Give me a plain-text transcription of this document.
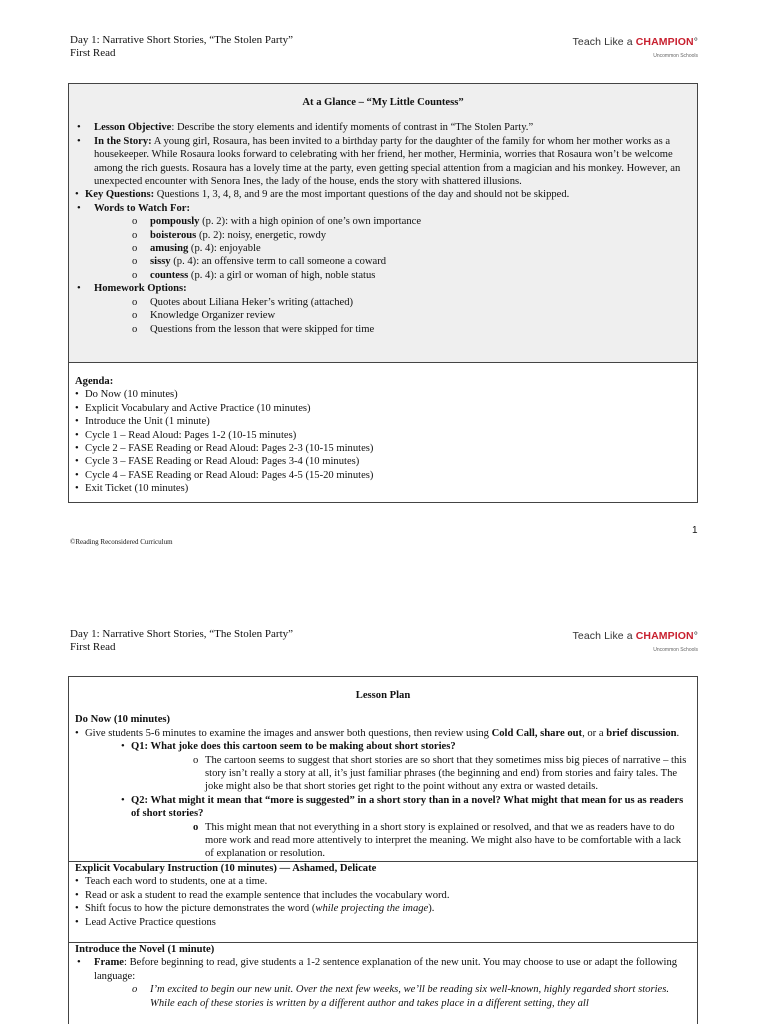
Day 1: Narrative Short Stories, “The Stolen Party”
First Read
Teach Like a CHAMPION°
Uncommon Schools
At a Glance – “My Little Countess”
• Lesson Objective: Describe the story elements and identify moments of contrast in “The Stolen Party.”
• In the Story: A young girl, Rosaura, has been invited to a birthday party for the daughter of the family for whom her mother works as a housekeeper. While Rosaura looks forward to celebrating with her friend, her mother, Herminia, worries that Rosaura won’t be welcome among the rich guests. Rosaura has a lovely time at the party, even getting special attention from a magician and his monkey. However, an unexpected encounter with Senora Ines, the lady of the house, ends the story with shattered illusions.
• Key Questions: Questions 1, 3, 4, 8, and 9 are the most important questions of the day and should not be skipped.
• Words to Watch For:
o pompously (p. 2): with a high opinion of one’s own importance
o boisterous (p. 2): noisy, energetic, rowdy
o amusing (p. 4): enjoyable
o sissy (p. 4): an offensive term to call someone a coward
o countess (p. 4): a girl or woman of high, noble status
• Homework Options:
o Quotes about Liliana Heker’s writing (attached)
o Knowledge Organizer review
o Questions from the lesson that were skipped for time
Agenda:
• Do Now (10 minutes)
• Explicit Vocabulary and Active Practice (10 minutes)
• Introduce the Unit (1 minute)
• Cycle 1 – Read Aloud: Pages 1-2 (10-15 minutes)
• Cycle 2 – FASE Reading or Read Aloud: Pages 2-3 (10-15 minutes)
• Cycle 3 – FASE Reading or Read Aloud: Pages 3-4 (10 minutes)
• Cycle 4 – FASE Reading or Read Aloud: Pages 4-5 (15-20 minutes)
• Exit Ticket (10 minutes)
1
©Reading Reconsidered Curriculum
Day 1: Narrative Short Stories, “The Stolen Party”
First Read
Teach Like a CHAMPION°
Uncommon Schools
Lesson Plan
Do Now (10 minutes)
• Give students 5-6 minutes to examine the images and answer both questions, then review using Cold Call, share out, or a brief discussion.
• Q1: What joke does this cartoon seem to be making about short stories?
o The cartoon seems to suggest that short stories are so short that they sometimes miss big pieces of narrative – this story isn’t really a story at all, it’s just familiar phrases (the beginning and end) from stories and fairy tales. The joke might also be that short stories get right to the point without any extra or wasted details.
• Q2: What might it mean that “more is suggested” in a short story than in a novel? What might that mean for us as readers of short stories?
o This might mean that not everything in a short story is explained or resolved, and that we as readers have to do more work and read more attentively to interpret the meaning. We might also have to be comfortable with a lack of explanation or resolution.
Explicit Vocabulary Instruction (10 minutes) — Ashamed, Delicate
• Teach each word to students, one at a time.
• Read or ask a student to read the example sentence that includes the vocabulary word.
• Shift focus to how the picture demonstrates the word (while projecting the image).
• Lead Active Practice questions
Introduce the Novel (1 minute)
• Frame: Before beginning to read, give students a 1-2 sentence explanation of the new unit. You may choose to use or adapt the following language:
o I’m excited to begin our new unit. Over the next few weeks, we’ll be reading six well-known, highly regarded short stories. While each of these stories is written by a different author and takes place in a different setting, they all
